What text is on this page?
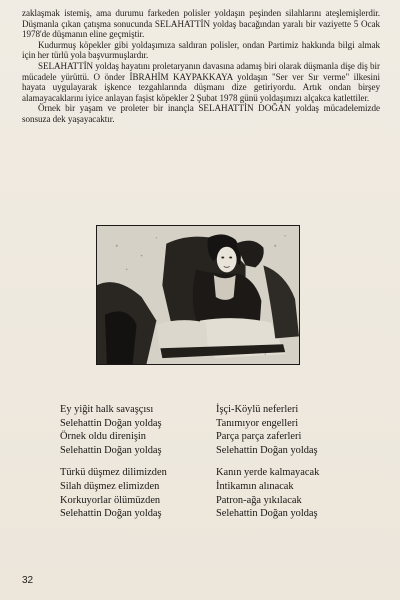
zaklaşmak istemiş, ama durumu farkeden polisler yoldaşın peşinden silahlarını ateşlemişlerdir. Düşmanla çıkan çatışma sonucunda SELAHATTİN yoldaş bacağından yaralı bir vaziyette 5 Ocak 1978'de düşmanın eline geçmiştir.

Kudurmuş köpekler gibi yoldaşımıza saldıran polisler, ondan Partimiz hakkında bilgi almak için her türlü yola başvurmuşlardır.

SELAHATTİN yoldaş hayatını proletaryanın davasına adamış biri olarak düşmanla dişe diş bir mücadele yürüttü. O önder İBRAHİM KAYPAKKAYA yoldaşın "Ser ver Sır verme" ilkesini hayata uygulayarak işkence tezgahlarında düşmanı dize getiriyordu. Artık ondan birşey alamayacaklarını iyice anlayan faşist köpekler 2 Şubat 1978 günü yoldaşımızı alçakca katlettiler.

Örnek bir yaşam ve proleter bir inançla SELAHATTİN DOĞAN yoldaş mücadelemizde sonsuza dek yaşayacaktır.

Ey yiğit halk savaşçısı
Selehattin Doğan yoldaş
Örnek oldu direnişin
Selehattin Doğan yoldaş
Türkü düşmez dilimizden
Silah düşmez elimizden
Korkuyorlar ölümüzden
Selehattin Doğan yoldaş
İşçi-Köylü neferleri
Tanımıyor engelleri
Parça parça zaferleri
Selehattin Doğan yoldaş
Kanın yerde kalmayacak
İntikamın alınacak
Patron-ağa yıkılacak
Selehattin Doğan yoldaş
32
